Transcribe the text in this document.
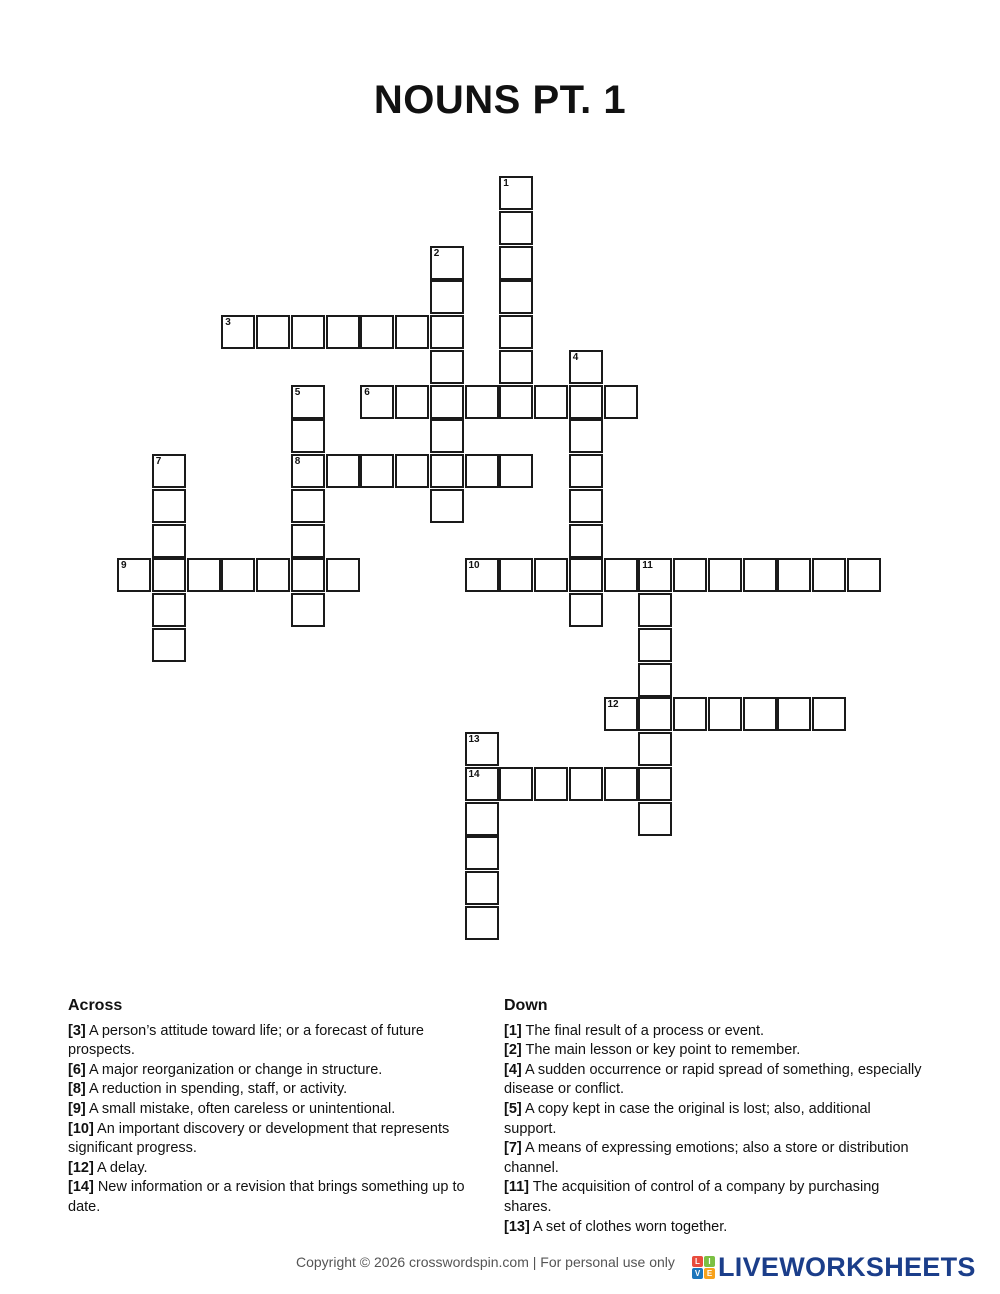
NOUNS PT. 1
1
2
3
4
5
8
6
7
9	10	11
12
13
14
Across
[3] A person’s attitude toward life; or a forecast of future prospects.
[6] A major reorganization or change in structure.
[8] A reduction in spending, staff, or activity.
[9] A small mistake, often careless or unintentional.
[10] An important discovery or development that represents significant progress.
[12] A delay.
[14] New information or a revision that brings something up to date.
Down
[1] The final result of a process or event.
[2] The main lesson or key point to remember.
[4] A sudden occurrence or rapid spread of something, especially disease or conflict.
[5] A copy kept in case the original is lost; also, additional support.
[7] A means of expressing emotions; also a store or distribution channel.
[11] The acquisition of control of a company by purchasing shares.
[13] A set of clothes worn together.
Copyright © 2026 crosswordspin.com | For personal use only	L	I
V E LIVEWORKSHEETS
